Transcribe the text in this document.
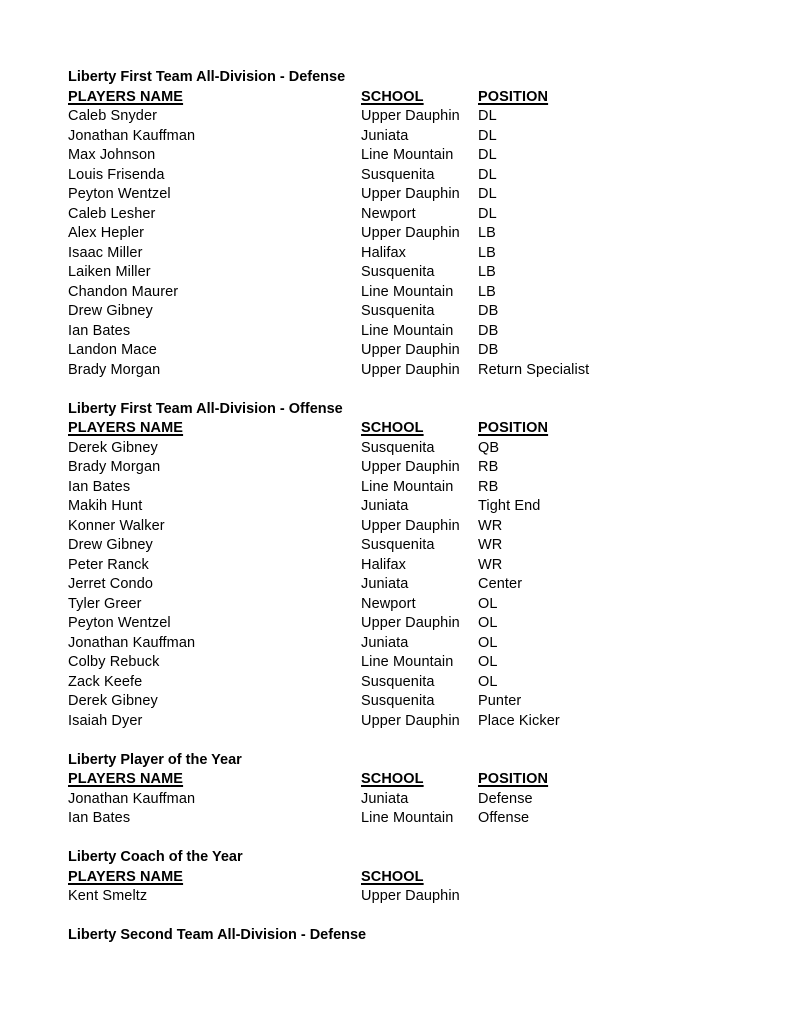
Liberty First Team All-Division - Defense
PLAYERS NAME	SCHOOL	POSITION
Caleb Snyder	Upper Dauphin	DL
Jonathan Kauffman	Juniata	DL
Max Johnson	Line Mountain	DL
Louis Frisenda	Susquenita	DL
Peyton Wentzel	Upper Dauphin	DL
Caleb Lesher	Newport	DL
Alex Hepler	Upper Dauphin	LB
Isaac Miller	Halifax	LB
Laiken Miller	Susquenita	LB
Chandon Maurer	Line Mountain	LB
Drew Gibney	Susquenita	DB
Ian Bates	Line Mountain	DB
Landon Mace	Upper Dauphin	DB
Brady Morgan	Upper Dauphin	Return Specialist
Liberty First Team All-Division - Offense
PLAYERS NAME	SCHOOL	POSITION
Derek Gibney	Susquenita	QB
Brady Morgan	Upper Dauphin	RB
Ian Bates	Line Mountain	RB
Makih Hunt	Juniata	Tight End
Konner Walker	Upper Dauphin	WR
Drew Gibney	Susquenita	WR
Peter Ranck	Halifax	WR
Jerret Condo	Juniata	Center
Tyler Greer	Newport	OL
Peyton Wentzel	Upper Dauphin	OL
Jonathan Kauffman	Juniata	OL
Colby Rebuck	Line Mountain	OL
Zack Keefe	Susquenita	OL
Derek Gibney	Susquenita	Punter
Isaiah Dyer	Upper Dauphin	Place Kicker
Liberty Player of the Year
PLAYERS NAME	SCHOOL	POSITION
Jonathan Kauffman	Juniata	Defense
Ian Bates	Line Mountain	Offense
Liberty Coach of the Year
PLAYERS NAME	SCHOOL
Kent Smeltz	Upper Dauphin
Liberty Second Team All-Division - Defense
